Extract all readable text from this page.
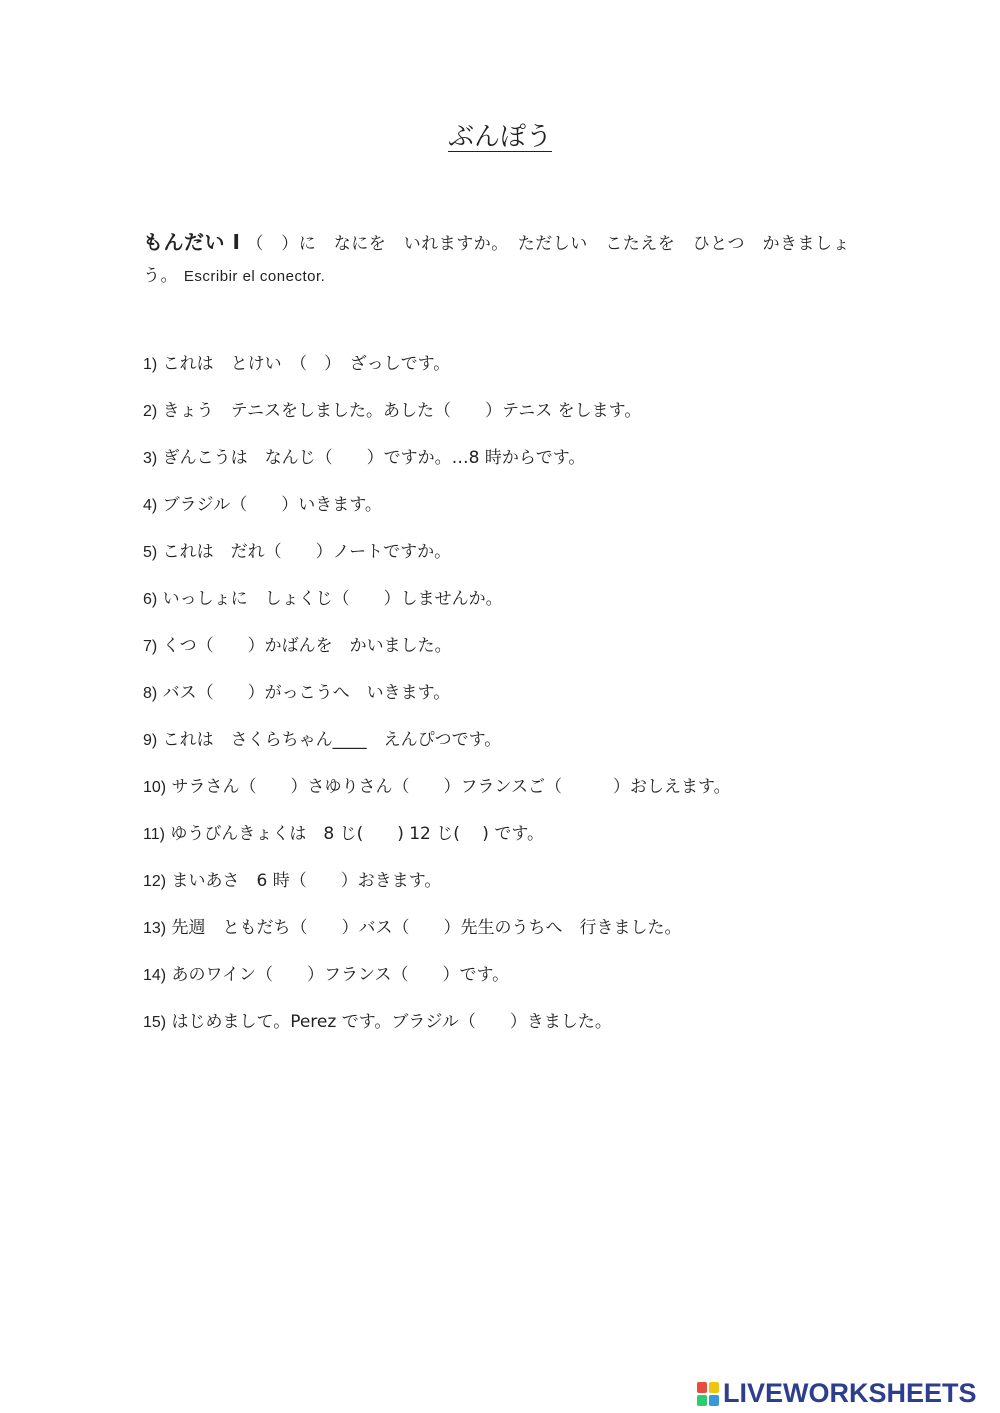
ぶんぽう
もんだい I （　）に　なにを　いれますか。　ただしい　こたえを　ひとつ　かきましょう。 Escribir el conector.
1) これは　とけい　（　）　ざっしです。
2) きょう　テニスをしました。あした（　　）テニス をします。
3) ぎんこうは　なんじ（　　）ですか。…8 時からです。
4) ブラジル（　　）いきます。
5) これは　だれ（　　）ノートですか。
6) いっしょに　しょくじ（　　）しませんか。
7) くつ（　　）かばんを　かいました。
8) バス（　　）がっこうへ　いきます。
9) これは　さくらちゃん____　えんぴつです。
10) サラさん（　　）さゆりさん（　　）フランスご（　　　）おしえます。
11) ゆうびんきょくは　8 じ(　　) 12 じ(　 ) です。
12) まいあさ　6 時（　　）おきます。
13) 先週　ともだち（　　）バス（　　）先生のうちへ　行きました。
14) あのワイン（　　）フランス（　　）です。
15) はじめまして。Perez です。ブラジル（　　）きました。
LIVEWORKSHEETS
